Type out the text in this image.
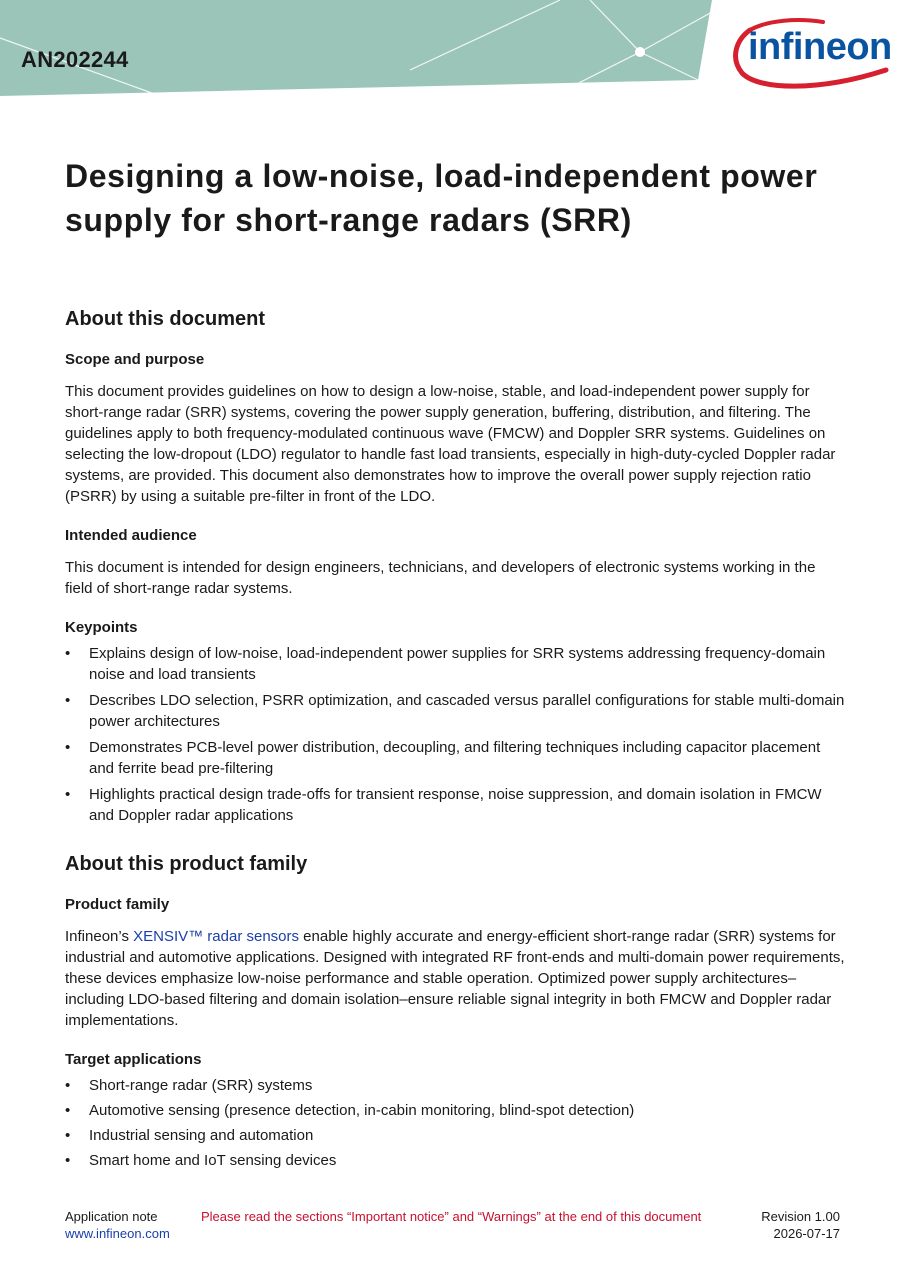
AN202244	infineon
Designing a low-noise, load-independent power supply for short-range radars (SRR)
About this document
Scope and purpose

This document provides guidelines on how to design a low-noise, stable, and load-independent power supply for short-range radar (SRR) systems, covering the power supply generation, buffering, distribution, and filtering. The guidelines apply to both frequency-modulated continuous wave (FMCW) and Doppler SRR systems. Guidelines on selecting the low-dropout (LDO) regulator to handle fast load transients, especially in high-duty-cycled Doppler radar systems, are provided. This document also demonstrates how to improve the overall power supply rejection ratio (PSRR) by using a suitable pre-filter in front of the LDO.

Intended audience

This document is intended for design engineers, technicians, and developers of electronic systems working in the field of short-range radar systems.

Keypoints
• Explains design of low-noise, load-independent power supplies for SRR systems addressing frequency-domain noise and load transients
• Describes LDO selection, PSRR optimization, and cascaded versus parallel configurations for stable multi-domain power architectures
• Demonstrates PCB-level power distribution, decoupling, and filtering techniques including capacitor placement and ferrite bead pre-filtering
• Highlights practical design trade-offs for transient response, noise suppression, and domain isolation in FMCW and Doppler radar applications
About this product family
Product family

Infineon’s XENSIV™ radar sensors enable highly accurate and energy-efficient short-range radar (SRR) systems for industrial and automotive applications. Designed with integrated RF front-ends and multi-domain power requirements, these devices emphasize low-noise performance and stable operation. Optimized power supply architectures–including LDO-based filtering and domain isolation–ensure reliable signal integrity in both FMCW and Doppler radar implementations.

Target applications
• Short-range radar (SRR) systems
• Automotive sensing (presence detection, in-cabin monitoring, blind-spot detection)
• Industrial sensing and automation
• Smart home and IoT sensing devices
Application note
www.infineon.com
Please read the sections “Important notice” and “Warnings” at the end of this document	Revision 1.00
2026-07-17
